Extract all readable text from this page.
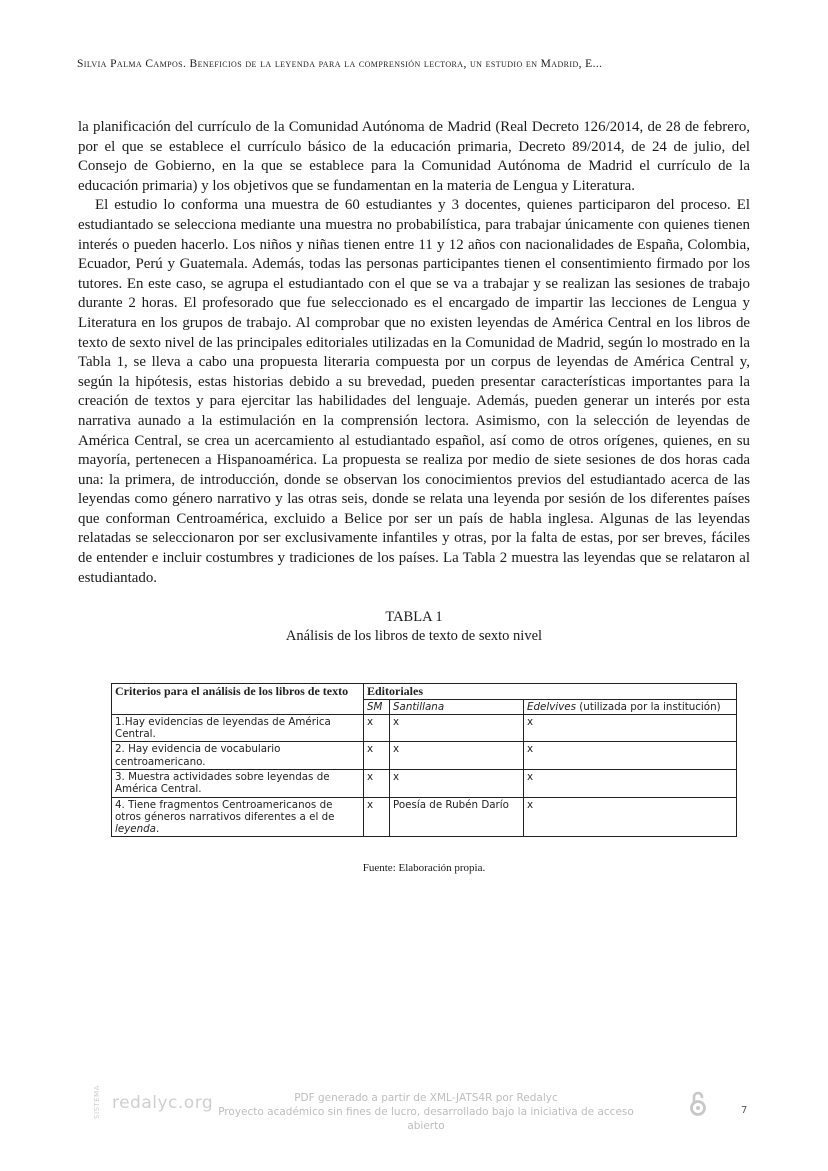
Silvia Palma Campos. Beneficios de la leyenda para la comprensión lectora, un estudio en Madrid, E...

la planificación del currículo de la Comunidad Autónoma de Madrid (Real Decreto 126/2014, de 28 de febrero, por el que se establece el currículo básico de la educación primaria, Decreto 89/2014, de 24 de julio, del Consejo de Gobierno, en la que se establece para la Comunidad Autónoma de Madrid el currículo de la educación primaria) y los objetivos que se fundamentan en la materia de Lengua y Literatura.

El estudio lo conforma una muestra de 60 estudiantes y 3 docentes, quienes participaron del proceso. El estudiantado se selecciona mediante una muestra no probabilística, para trabajar únicamente con quienes tienen interés o pueden hacerlo. Los niños y niñas tienen entre 11 y 12 años con nacionalidades de España, Colombia, Ecuador, Perú y Guatemala. Además, todas las personas participantes tienen el consentimiento firmado por los tutores. En este caso, se agrupa el estudiantado con el que se va a trabajar y se realizan las sesiones de trabajo durante 2 horas. El profesorado que fue seleccionado es el encargado de impartir las lecciones de Lengua y Literatura en los grupos de trabajo. Al comprobar que no existen leyendas de América Central en los libros de texto de sexto nivel de las principales editoriales utilizadas en la Comunidad de Madrid, según lo mostrado en la Tabla 1, se lleva a cabo una propuesta literaria compuesta por un corpus de leyendas de América Central y, según la hipótesis, estas historias debido a su brevedad, pueden presentar características importantes para la creación de textos y para ejercitar las habilidades del lenguaje. Además, pueden generar un interés por esta narrativa aunado a la estimulación en la comprensión lectora. Asimismo, con la selección de leyendas de América Central, se crea un acercamiento al estudiantado español, así como de otros orígenes, quienes, en su mayoría, pertenecen a Hispanoamérica. La propuesta se realiza por medio de siete sesiones de dos horas cada una: la primera, de introducción, donde se observan los conocimientos previos del estudiantado acerca de las leyendas como género narrativo y las otras seis, donde se relata una leyenda por sesión de los diferentes países que conforman Centroamérica, excluido a Belice por ser un país de habla inglesa. Algunas de las leyendas relatadas se seleccionaron por ser exclusivamente infantiles y otras, por la falta de estas, por ser breves, fáciles de entender e incluir costumbres y tradiciones de los países. La Tabla 2 muestra las leyendas que se relataron al estudiantado.

TABLA 1
Análisis de los libros de texto de sexto nivel
Criterios para el análisis de los libros de texto	Editoriales		
	SM	Santillana	Edelvives (utilizada por la institución)
1.Hay evidencias de leyendas de América Central.	x	x	x
2. Hay evidencia de vocabulario centroamericano.	x	x	x
3. Muestra actividades sobre leyendas de América Central.	x	x	x
4. Tiene fragmentos Centroamericanos de otros géneros narrativos diferentes a el de leyenda.	x	Poesía de Rubén Darío	x
Fuente: Elaboración propia.
SISTEMA redalyc.org	PDF generado a partir de XML-JATS4R por Redalyc
Proyecto académico sin fines de lucro, desarrollado bajo la iniciativa de acceso abierto
7
